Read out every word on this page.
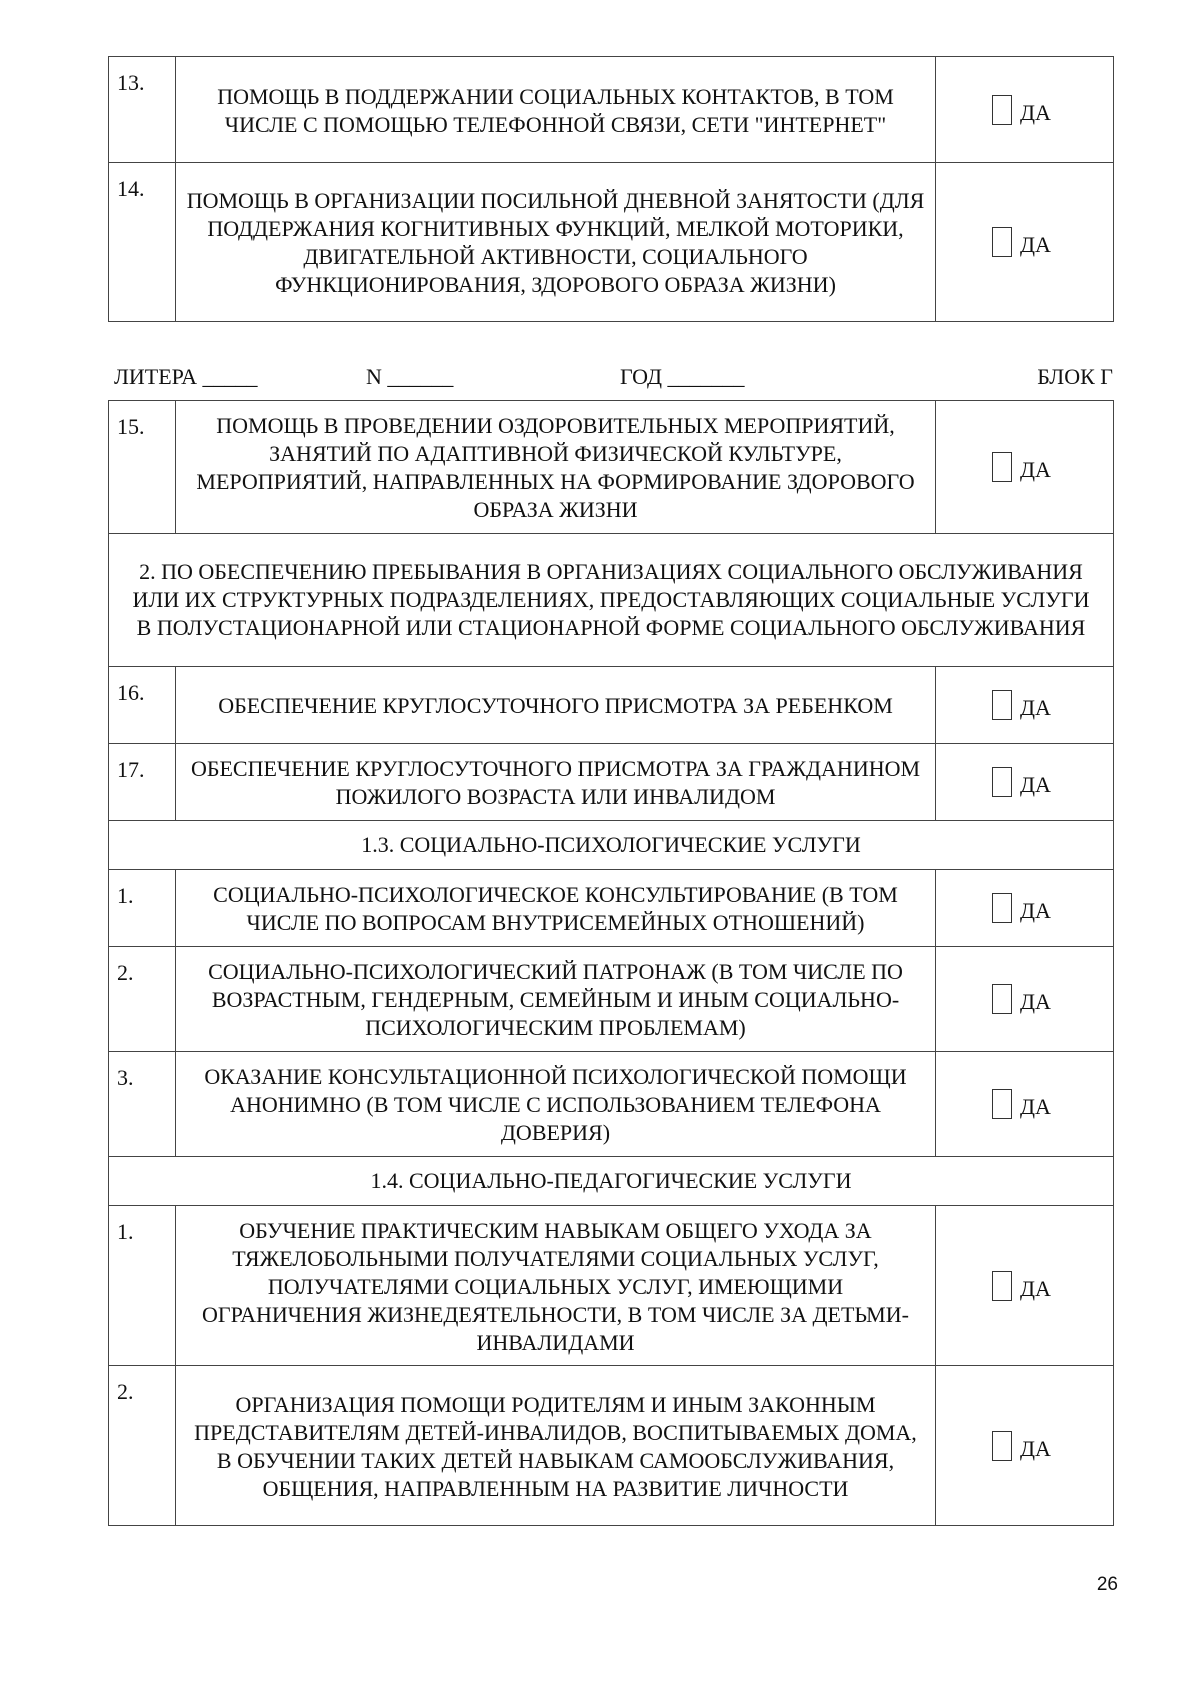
13.	ПОМОЩЬ В ПОДДЕРЖАНИИ СОЦИАЛЬНЫХ КОНТАКТОВ, В ТОМ ЧИСЛЕ С ПОМОЩЬЮ ТЕЛЕФОННОЙ СВЯЗИ, СЕТИ "ИНТЕРНЕТ"	ДА
14.	ПОМОЩЬ В ОРГАНИЗАЦИИ ПОСИЛЬНОЙ ДНЕВНОЙ ЗАНЯТОСТИ (ДЛЯ ПОДДЕРЖАНИЯ КОГНИТИВНЫХ ФУНКЦИЙ, МЕЛКОЙ МОТОРИКИ, ДВИГАТЕЛЬНОЙ АКТИВНОСТИ, СОЦИАЛЬНОГО ФУНКЦИОНИРОВАНИЯ, ЗДОРОВОГО ОБРАЗА ЖИЗНИ)	ДА
ЛИТЕРА _____	N ______	ГОД _______	БЛОК Г
15.	ПОМОЩЬ В ПРОВЕДЕНИИ ОЗДОРОВИТЕЛЬНЫХ МЕРОПРИЯТИЙ, ЗАНЯТИЙ ПО АДАПТИВНОЙ ФИЗИЧЕСКОЙ КУЛЬТУРЕ, МЕРОПРИЯТИЙ, НАПРАВЛЕННЫХ НА ФОРМИРОВАНИЕ ЗДОРОВОГО ОБРАЗА ЖИЗНИ	ДА
2. ПО ОБЕСПЕЧЕНИЮ ПРЕБЫВАНИЯ В ОРГАНИЗАЦИЯХ СОЦИАЛЬНОГО ОБСЛУЖИВАНИЯ ИЛИ ИХ СТРУКТУРНЫХ ПОДРАЗДЕЛЕНИЯХ, ПРЕДОСТАВЛЯЮЩИХ СОЦИАЛЬНЫЕ УСЛУГИ В ПОЛУСТАЦИОНАРНОЙ ИЛИ СТАЦИОНАРНОЙ ФОРМЕ СОЦИАЛЬНОГО ОБСЛУЖИВАНИЯ		
16.	ОБЕСПЕЧЕНИЕ КРУГЛОСУТОЧНОГО ПРИСМОТРА ЗА РЕБЕНКОМ	ДА
17.	ОБЕСПЕЧЕНИЕ КРУГЛОСУТОЧНОГО ПРИСМОТРА ЗА ГРАЖДАНИНОМ ПОЖИЛОГО ВОЗРАСТА ИЛИ ИНВАЛИДОМ	ДА
1.3. СОЦИАЛЬНО-ПСИХОЛОГИЧЕСКИЕ УСЛУГИ		
1.	СОЦИАЛЬНО-ПСИХОЛОГИЧЕСКОЕ КОНСУЛЬТИРОВАНИЕ (В ТОМ ЧИСЛЕ ПО ВОПРОСАМ ВНУТРИСЕМЕЙНЫХ ОТНОШЕНИЙ)	ДА
2.	СОЦИАЛЬНО-ПСИХОЛОГИЧЕСКИЙ ПАТРОНАЖ (В ТОМ ЧИСЛЕ ПО ВОЗРАСТНЫМ, ГЕНДЕРНЫМ, СЕМЕЙНЫМ И ИНЫМ СОЦИАЛЬНО-ПСИХОЛОГИЧЕСКИМ ПРОБЛЕМАМ)	ДА
3.	ОКАЗАНИЕ КОНСУЛЬТАЦИОННОЙ ПСИХОЛОГИЧЕСКОЙ ПОМОЩИ АНОНИМНО (В ТОМ ЧИСЛЕ С ИСПОЛЬЗОВАНИЕМ ТЕЛЕФОНА ДОВЕРИЯ)	ДА
1.4. СОЦИАЛЬНО-ПЕДАГОГИЧЕСКИЕ УСЛУГИ		
1.	ОБУЧЕНИЕ ПРАКТИЧЕСКИМ НАВЫКАМ ОБЩЕГО УХОДА ЗА ТЯЖЕЛОБОЛЬНЫМИ ПОЛУЧАТЕЛЯМИ СОЦИАЛЬНЫХ УСЛУГ, ПОЛУЧАТЕЛЯМИ СОЦИАЛЬНЫХ УСЛУГ, ИМЕЮЩИМИ ОГРАНИЧЕНИЯ ЖИЗНЕДЕЯТЕЛЬНОСТИ, В ТОМ ЧИСЛЕ ЗА ДЕТЬМИ-ИНВАЛИДАМИ	ДА
2.	ОРГАНИЗАЦИЯ ПОМОЩИ РОДИТЕЛЯМ И ИНЫМ ЗАКОННЫМ ПРЕДСТАВИТЕЛЯМ ДЕТЕЙ-ИНВАЛИДОВ, ВОСПИТЫВАЕМЫХ ДОМА, В ОБУЧЕНИИ ТАКИХ ДЕТЕЙ НАВЫКАМ САМООБСЛУЖИВАНИЯ, ОБЩЕНИЯ, НАПРАВЛЕННЫМ НА РАЗВИТИЕ ЛИЧНОСТИ	ДА
26
